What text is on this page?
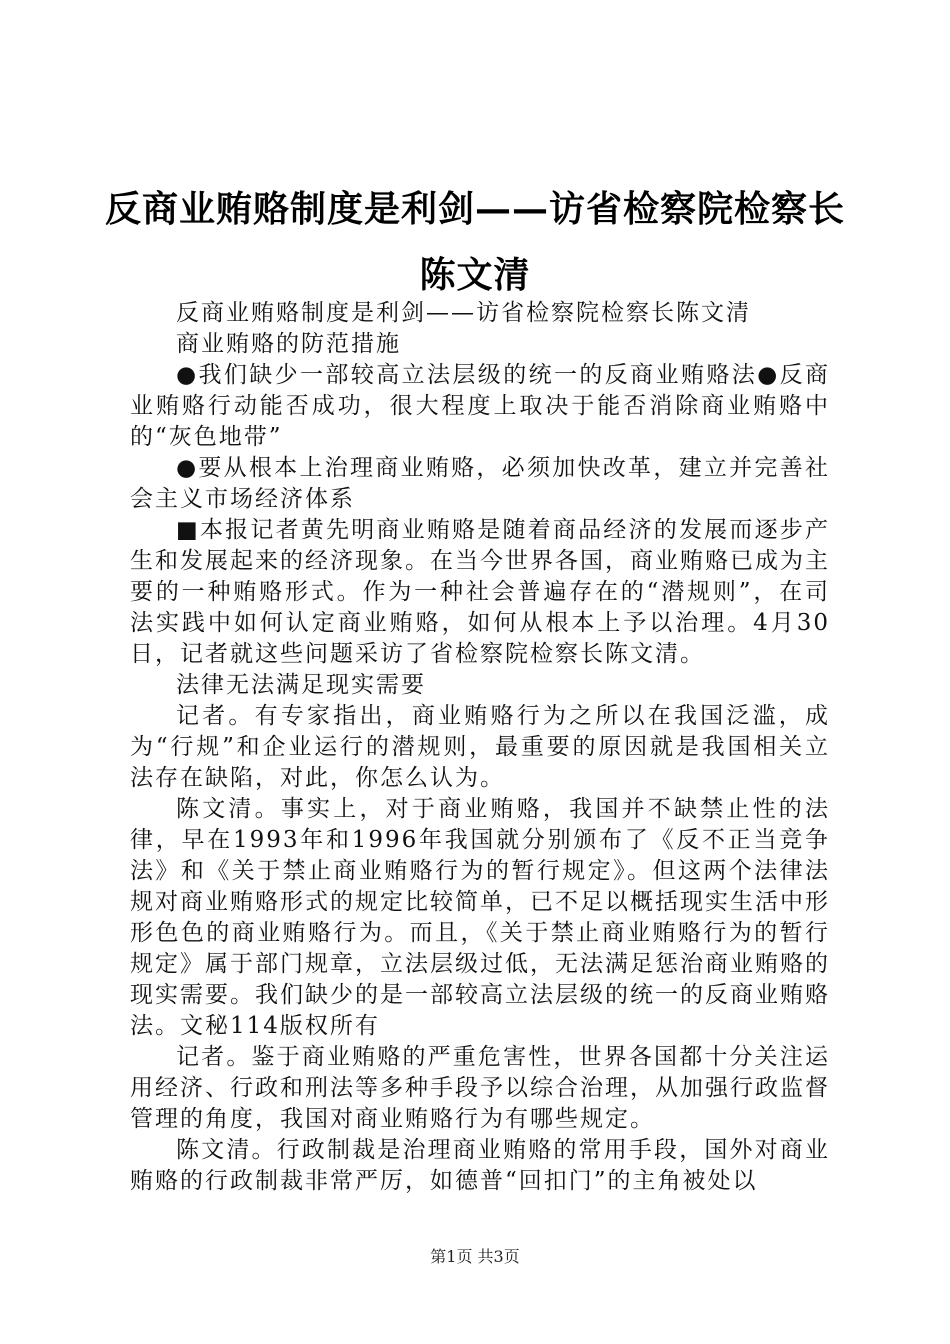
反商业贿赂制度是利剑——访省检察院检察长
陈文清

反商业贿赂制度是利剑——访省检察院检察长陈文清

商业贿赂的防范措施

●我们缺少一部较高立法层级的统一的反商业贿赂法●反商业贿赂行动能否成功，很大程度上取决于能否消除商业贿赂中的“灰色地带”

●要从根本上治理商业贿赂，必须加快改革，建立并完善社会主义市场经济体系

■本报记者黄先明商业贿赂是随着商品经济的发展而逐步产生和发展起来的经济现象。在当今世界各国，商业贿赂已成为主要的一种贿赂形式。作为一种社会普遍存在的“潜规则”，在司法实践中如何认定商业贿赂，如何从根本上予以治理。4月30日，记者就这些问题采访了省检察院检察长陈文清。

法律无法满足现实需要

记者。有专家指出，商业贿赂行为之所以在我国泛滥，成为“行规”和企业运行的潜规则，最重要的原因就是我国相关立法存在缺陷，对此，你怎么认为。

陈文清。事实上，对于商业贿赂，我国并不缺禁止性的法律，早在1993年和1996年我国就分别颁布了《反不正当竞争法》和《关于禁止商业贿赂行为的暂行规定》。但这两个法律法规对商业贿赂形式的规定比较简单，已不足以概括现实生活中形形色色的商业贿赂行为。而且，《关于禁止商业贿赂行为的暂行规定》属于部门规章，立法层级过低，无法满足惩治商业贿赂的现实需要。我们缺少的是一部较高立法层级的统一的反商业贿赂法。文秘114版权所有

记者。鉴于商业贿赂的严重危害性，世界各国都十分关注运用经济、行政和刑法等多种手段予以综合治理，从加强行政监督管理的角度，我国对商业贿赂行为有哪些规定。

陈文清。行政制裁是治理商业贿赂的常用手段，国外对商业贿赂的行政制裁非常严厉，如德普“回扣门”的主角被处以

第1页 共3页
